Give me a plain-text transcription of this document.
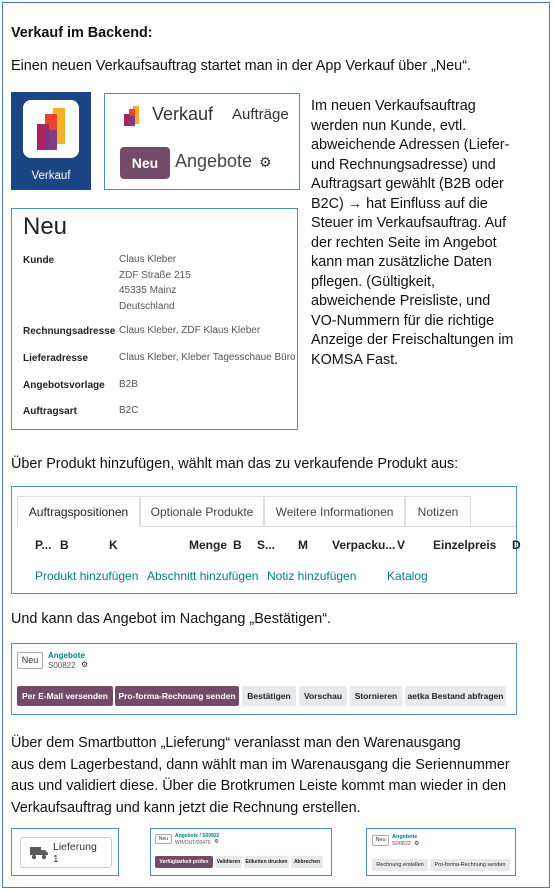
Verkauf im Backend:
Einen neuen Verkaufsauftrag startet man in der App Verkauf über „Neu“.
Verkauf
Verkauf Aufträge
Neu Angebote ⚙
Neu
Kunde	Claus Kleber
ZDF Straße 215
45335 Mainz
Deutschland
Rechnungsadresse Claus Kleber, ZDF Klaus Kleber
Lieferadresse	Claus Kleber, Kleber Tagesschaue Büro
Angebotsvorlage B2B
Auftragsart	B2C
Im neuen Verkaufsauftrag
werden nun Kunde, evtl.
abweichende Adressen (Liefer-
und Rechnungsadresse) und
Auftragsart gewählt (B2B oder
B2C) → hat Einfluss auf die
Steuer im Verkaufsauftrag. Auf
der rechten Seite im Angebot
kann man zusätzliche Daten
pflegen. (Gültigkeit,
abweichende Preisliste, und
VO-Nummern für die richtige
Anzeige der Freischaltungen im
KOMSA Fast.
Über Produkt hinzufügen, wählt man das zu verkaufende Produkt aus:
Auftragspositionen	Optionale Produkte	Weitere Informationen	Notizen
P... B	K	Menge B S... M Verpacku... V Einzelpreis D
Produkt hinzufügen Abschnitt hinzufügen Notiz hinzufügen	Katalog
Und kann das Angebot im Nachgang „Bestätigen“.
Neu	Angebote
S00822 ⚙
Per E-Mail versenden	Pro-forma-Rechnung senden	Bestätigen	Vorschau	Stornieren	aetka Bestand abfragen
Über dem Smartbutton „Lieferung“ veranlasst man den Warenausgang
aus dem Lagerbestand, dann wählt man im Warenausgang die Seriennummer
aus und validiert diese. Über die Brotkrumen Leiste kommt man wieder in den
Verkaufsauftrag und kann jetzt die Rechnung erstellen.
Lieferung
1
Neu	Angebote / S00822
WH/OUT/00470 ⚙
Verfügbarkeit prüfen	Validieren	Etiketten drucken	Abbrechen
Neu	Angebote
S00822 ⚙
Rechnung erstellen	Pro-forma-Rechnung senden
